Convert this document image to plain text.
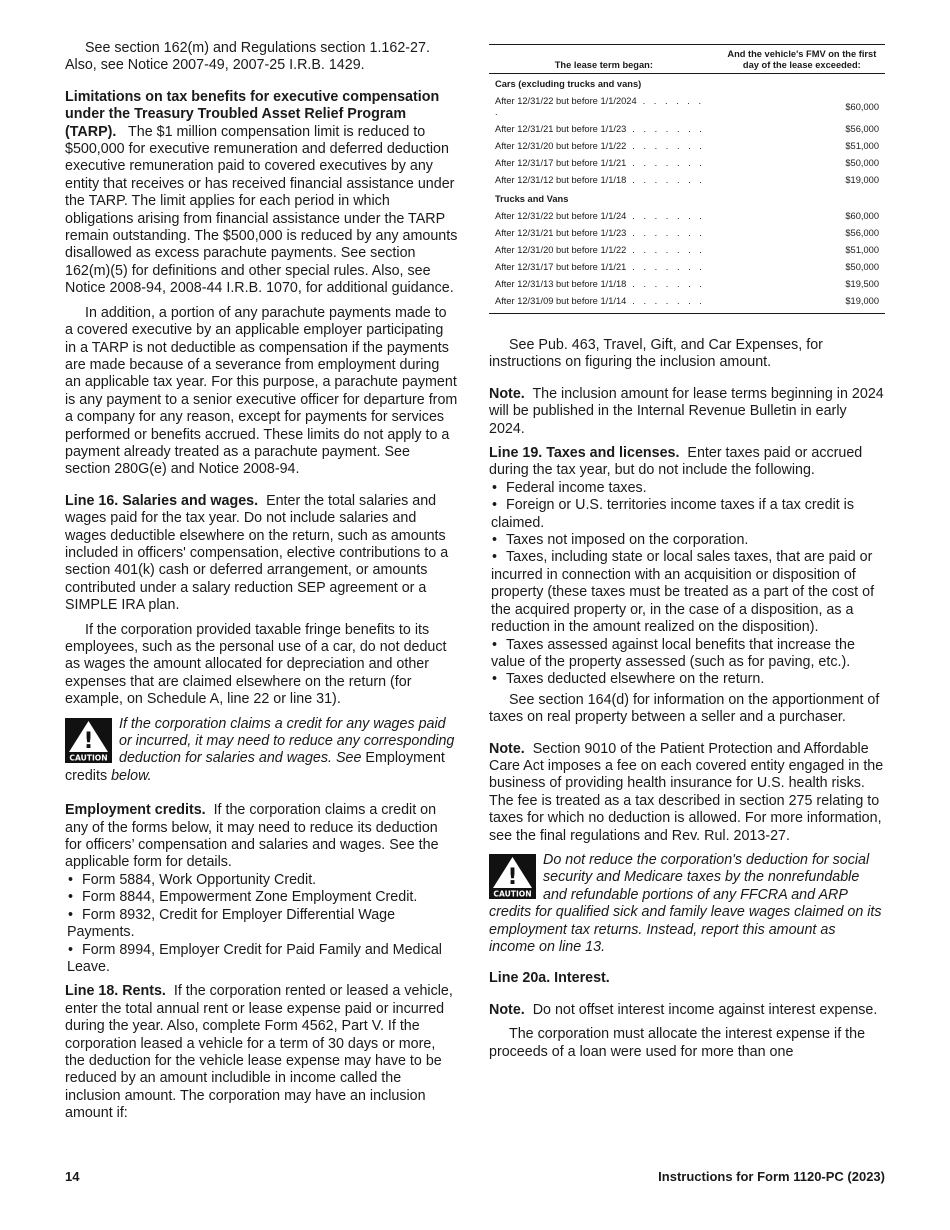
See section 162(m) and Regulations section 1.162-27. Also, see Notice 2007-49, 2007-25 I.R.B. 1429.

Limitations on tax benefits for executive compensation under the Treasury Troubled Asset Relief Program (TARP). The $1 million compensation limit is reduced to $500,000 for executive remuneration and deferred deduction executive remuneration paid to covered executives by any entity that receives or has received financial assistance under the TARP. The limit applies for each period in which obligations arising from financial assistance under the TARP remain outstanding. The $500,000 is reduced by any amounts disallowed as excess parachute payments. See section 162(m)(5) for definitions and other special rules. Also, see Notice 2008-94, 2008-44 I.R.B. 1070, for additional guidance.

In addition, a portion of any parachute payments made to a covered executive by an applicable employer participating in a TARP is not deductible as compensation if the payments are made because of a severance from employment during an applicable tax year. For this purpose, a parachute payment is any payment to a senior executive officer for departure from a company for any reason, except for payments for services performed or benefits accrued. These limits do not apply to a payment already treated as a parachute payment. See section 280G(e) and Notice 2008-94.

Line 16. Salaries and wages. Enter the total salaries and wages paid for the tax year. Do not include salaries and wages deductible elsewhere on the return, such as amounts included in officers' compensation, elective contributions to a section 401(k) cash or deferred arrangement, or amounts contributed under a salary reduction SEP agreement or a SIMPLE IRA plan.

If the corporation provided taxable fringe benefits to its employees, such as the personal use of a car, do not deduct as wages the amount allocated for depreciation and other expenses that are claimed elsewhere on the return (for example, on Schedule A, line 22 or line 31).

!
CAUTION
If the corporation claims a credit for any wages paid or incurred, it may need to reduce any corresponding deduction for salaries and wages. See Employment credits below.

Employment credits. If the corporation claims a credit on any of the forms below, it may need to reduce its deduction for officers’ compensation and salaries and wages. See the applicable form for details.

• Form 5884, Work Opportunity Credit.

• Form 8844, Empowerment Zone Employment Credit.

• Form 8932, Credit for Employer Differential Wage Payments.

• Form 8994, Employer Credit for Paid Family and Medical Leave.

Line 18. Rents. If the corporation rented or leased a vehicle, enter the total annual rent or lease expense paid or incurred during the year. Also, complete Form 4562, Part V. If the corporation leased a vehicle for a term of 30 days or more, the deduction for the vehicle lease expense may have to be reduced by an amount includible in income called the inclusion amount. The corporation may have an inclusion amount if:

The lease term began:	And the vehicle's FMV on the first day of the lease exceeded:
Cars (excluding trucks and vans)	
After 12/31/22 but before 1/1/2024 . . . . . . .	$60,000
After 12/31/21 but before 1/1/23 . . . . . . .	$56,000
After 12/31/20 but before 1/1/22 . . . . . . .	$51,000
After 12/31/17 but before 1/1/21 . . . . . . .	$50,000
After 12/31/12 but before 1/1/18 . . . . . . .	$19,000
Trucks and Vans	
After 12/31/22 but before 1/1/24 . . . . . . .	$60,000
After 12/31/21 but before 1/1/23 . . . . . . .	$56,000
After 12/31/20 but before 1/1/22 . . . . . . .	$51,000
After 12/31/17 but before 1/1/21 . . . . . . .	$50,000
After 12/31/13 but before 1/1/18 . . . . . . .	$19,500
After 12/31/09 but before 1/1/14 . . . . . . .	$19,000

See Pub. 463, Travel, Gift, and Car Expenses, for instructions on figuring the inclusion amount.

Note. The inclusion amount for lease terms beginning in 2024 will be published in the Internal Revenue Bulletin in early 2024.

Line 19. Taxes and licenses. Enter taxes paid or accrued during the tax year, but do not include the following.

• Federal income taxes.

• Foreign or U.S. territories income taxes if a tax credit is claimed.

• Taxes not imposed on the corporation.

• Taxes, including state or local sales taxes, that are paid or incurred in connection with an acquisition or disposition of property (these taxes must be treated as a part of the cost of the acquired property or, in the case of a disposition, as a reduction in the amount realized on the disposition).

• Taxes assessed against local benefits that increase the value of the property assessed (such as for paving, etc.).

• Taxes deducted elsewhere on the return.

See section 164(d) for information on the apportionment of taxes on real property between a seller and a purchaser.

Note. Section 9010 of the Patient Protection and Affordable Care Act imposes a fee on each covered entity engaged in the business of providing health insurance for U.S. health risks. The fee is treated as a tax described in section 275 relating to taxes for which no deduction is allowed. For more information, see the final regulations and Rev. Rul. 2013-27.

!
CAUTION
Do not reduce the corporation's deduction for social security and Medicare taxes by the nonrefundable and refundable portions of any FFCRA and ARP credits for qualified sick and family leave wages claimed on its employment tax returns. Instead, report this amount as income on line 13.

Line 20a. Interest.

Note. Do not offset interest income against interest expense.

The corporation must allocate the interest expense if the proceeds of a loan were used for more than one

14	Instructions for Form 1120-PC (2023)
